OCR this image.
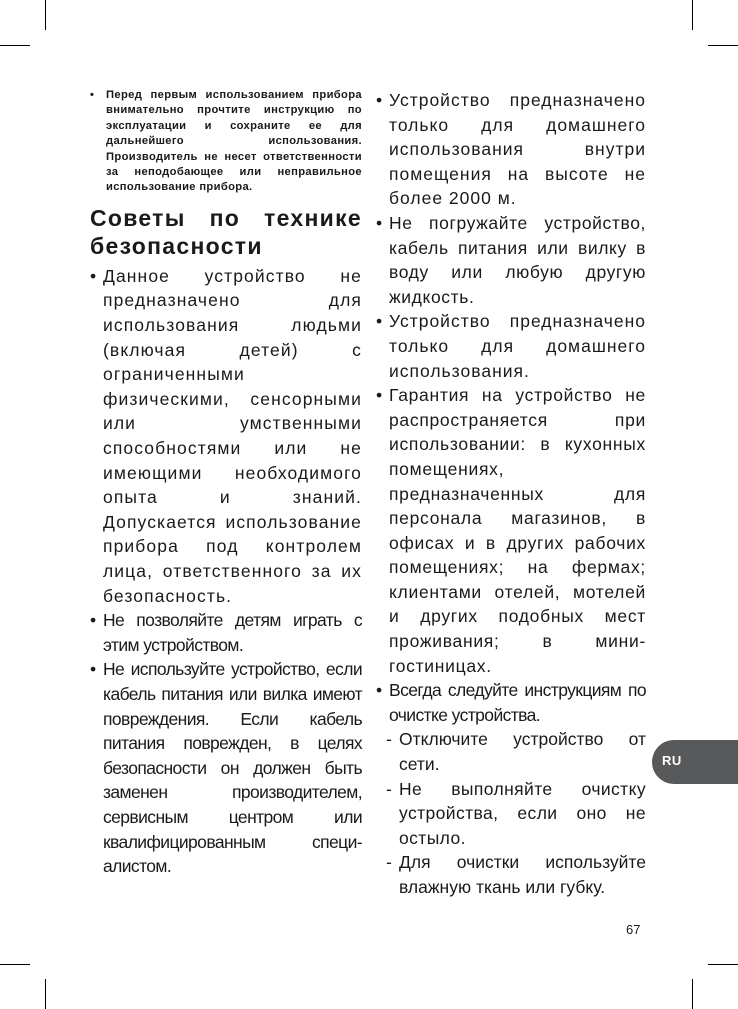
• Перед первым использованием прибора внимательно прочтите инструкцию по эксплуатации и сохраните ее для дальнейшего использования. Производитель не несет ответственности за неподобающее или неправильное использование прибора.

Советы по технике безопасности

• Данное устройство не предназначено для использования людьми (включая детей) с ограниченными физическими, сенсорными или умственными способностями или не имеющими необходимого опыта и знаний. Допускается использование прибора под контролем лица, ответственного за их безопасность.

• Не позволяйте детям играть с этим устройством.

• Не используйте устройство, если кабель питания или вилка имеют повреждения. Если кабель питания поврежден, в целях безопасности он должен быть заменен производителем, сервисным центром или квалифицированным специ-алистом.

• Устройство предназначено только для домашнего использования внутри помещения на высоте не более 2000 м.

• Не погружайте устройство, кабель питания или вилку в воду или любую другую жидкость.

• Устройство предназначено только для домашнего использования.

• Гарантия на устройство не распространяется при использовании: в кухонных помещениях, предназначенных для персонала магазинов, в офисах и в других рабочих помещениях; на фермах; клиентами отелей, мотелей и других подобных мест проживания; в мини-гостиницах.

• Всегда следуйте инструкциям по очистке устройства.

- Отключите устройство от сети.

- Не выполняйте очистку устройства, если оно не остыло.

- Для очистки используйте влажную ткань или губку.

RU
67
